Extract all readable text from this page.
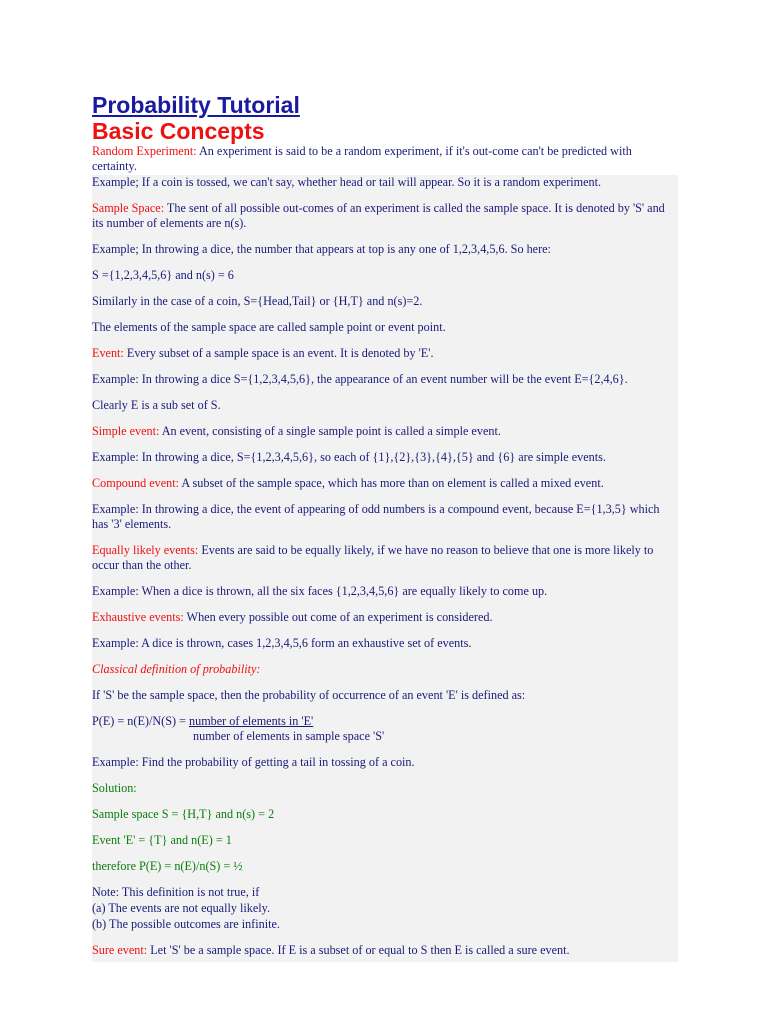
Probability Tutorial
Basic Concepts

Random Experiment: An experiment is said to be a random experiment, if it's out-come can't be predicted with certainty.

Example; If a coin is tossed, we can't say, whether head or tail will appear. So it is a random experiment.

Sample Space: The sent of all possible out-comes of an experiment is called the sample space. It is denoted by 'S' and its number of elements are n(s).

Example; In throwing a dice, the number that appears at top is any one of 1,2,3,4,5,6. So here:

S ={1,2,3,4,5,6} and n(s) = 6

Similarly in the case of a coin, S={Head,Tail} or {H,T} and n(s)=2.

The elements of the sample space are called sample point or event point.

Event: Every subset of a sample space is an event. It is denoted by 'E'.

Example: In throwing a dice S={1,2,3,4,5,6}, the appearance of an event number will be the event E={2,4,6}.

Clearly E is a sub set of S.

Simple event: An event, consisting of a single sample point is called a simple event.

Example: In throwing a dice, S={1,2,3,4,5,6}, so each of {1},{2},{3},{4},{5} and {6} are simple events.

Compound event: A subset of the sample space, which has more than on element is called a mixed event.

Example: In throwing a dice, the event of appearing of odd numbers is a compound event, because E={1,3,5} which has '3' elements.

Equally likely events: Events are said to be equally likely, if we have no reason to believe that one is more likely to occur than the other.

Example: When a dice is thrown, all the six faces {1,2,3,4,5,6} are equally likely to come up.

Exhaustive events: When every possible out come of an experiment is considered.

Example: A dice is thrown, cases 1,2,3,4,5,6 form an exhaustive set of events.

Classical definition of probability:

If 'S' be the sample space, then the probability of occurrence of an event 'E' is defined as:

P(E) = n(E)/N(S) = number of elements in 'E'
number of elements in sample space 'S'

Example: Find the probability of getting a tail in tossing of a coin.

Solution:

Sample space S = {H,T} and n(s) = 2

Event 'E' = {T} and n(E) = 1

therefore P(E) = n(E)/n(S) = ½

Note: This definition is not true, if

(a) The events are not equally likely.

(b) The possible outcomes are infinite.

Sure event: Let 'S' be a sample space. If E is a subset of or equal to S then E is called a sure event.
